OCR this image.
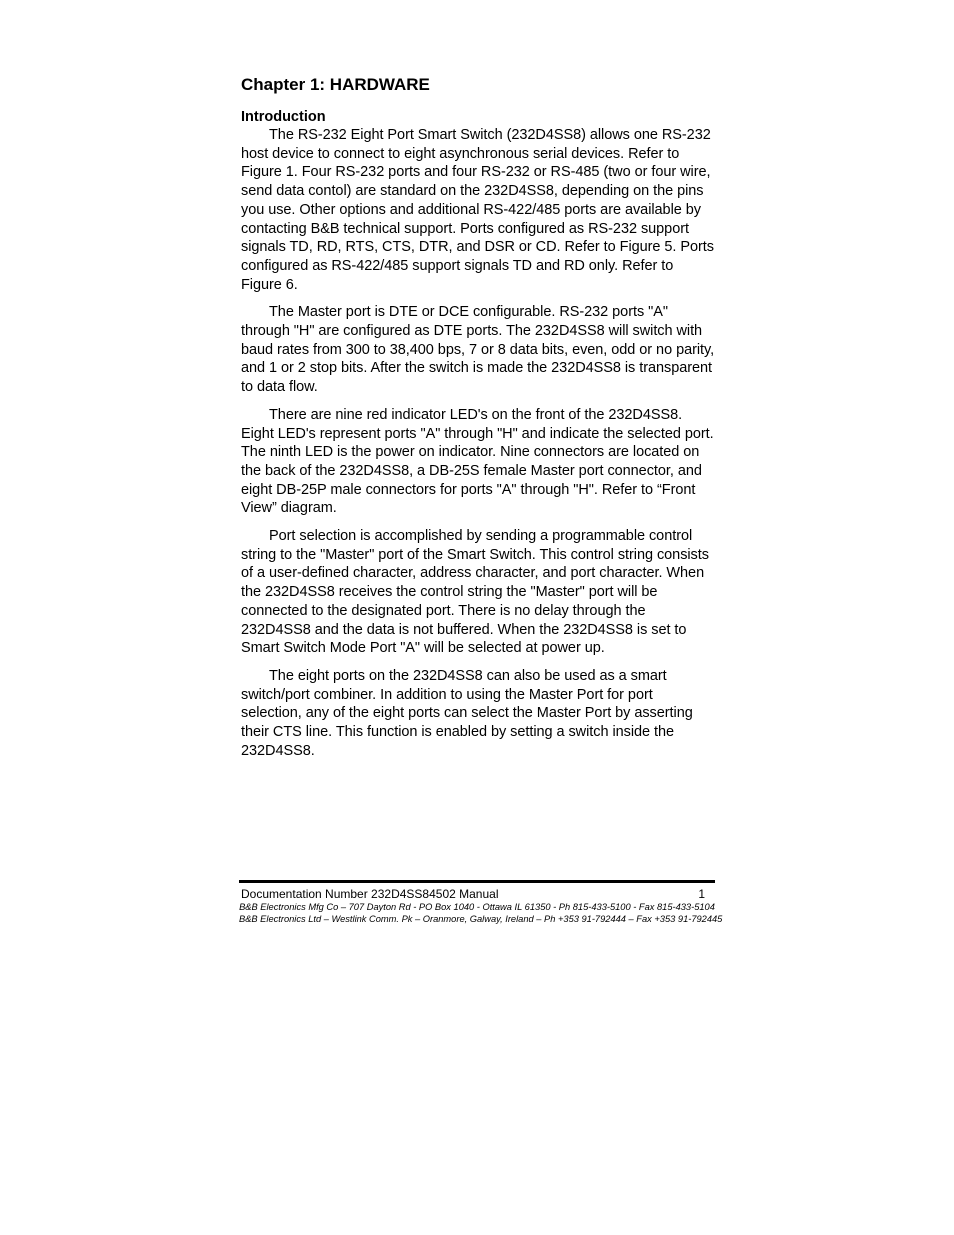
Chapter 1: HARDWARE
Introduction

The RS-232 Eight Port Smart Switch (232D4SS8) allows one RS-232 host device to connect to eight asynchronous serial devices. Refer to Figure 1. Four RS-232 ports and four RS-232 or RS-485 (two or four wire, send data contol) are standard on the 232D4SS8, depending on the pins you use. Other options and additional RS-422/485 ports are available by contacting B&B technical support. Ports configured as RS-232 support signals TD, RD, RTS, CTS, DTR, and DSR or CD. Refer to Figure 5. Ports configured as RS-422/485 support signals TD and RD only. Refer to Figure 6.

The Master port is DTE or DCE configurable. RS-232 ports "A" through "H" are configured as DTE ports. The 232D4SS8 will switch with baud rates from 300 to 38,400 bps, 7 or 8 data bits, even, odd or no parity, and 1 or 2 stop bits. After the switch is made the 232D4SS8 is transparent to data flow.

There are nine red indicator LED's on the front of the 232D4SS8. Eight LED's represent ports "A" through "H" and indicate the selected port. The ninth LED is the power on indicator. Nine connectors are located on the back of the 232D4SS8, a DB-25S female Master port connector, and eight DB-25P male connectors for ports "A" through "H". Refer to “Front View” diagram.

Port selection is accomplished by sending a programmable control string to the "Master" port of the Smart Switch. This control string consists of a user-defined character, address character, and port character. When the 232D4SS8 receives the control string the "Master" port will be connected to the designated port. There is no delay through the 232D4SS8 and the data is not buffered. When the 232D4SS8 is set to Smart Switch Mode Port "A" will be selected at power up.

The eight ports on the 232D4SS8 can also be used as a smart switch/port combiner. In addition to using the Master Port for port selection, any of the eight ports can select the Master Port by asserting their CTS line. This function is enabled by setting a switch inside the 232D4SS8.

Documentation Number 232D4SS84502 Manual	1
B&B Electronics Mfg Co – 707 Dayton Rd - PO Box 1040 - Ottawa IL 61350 - Ph 815-433-5100 - Fax 815-433-5104
B&B Electronics Ltd – Westlink Comm. Pk – Oranmore, Galway, Ireland – Ph +353 91-792444 – Fax +353 91-792445
